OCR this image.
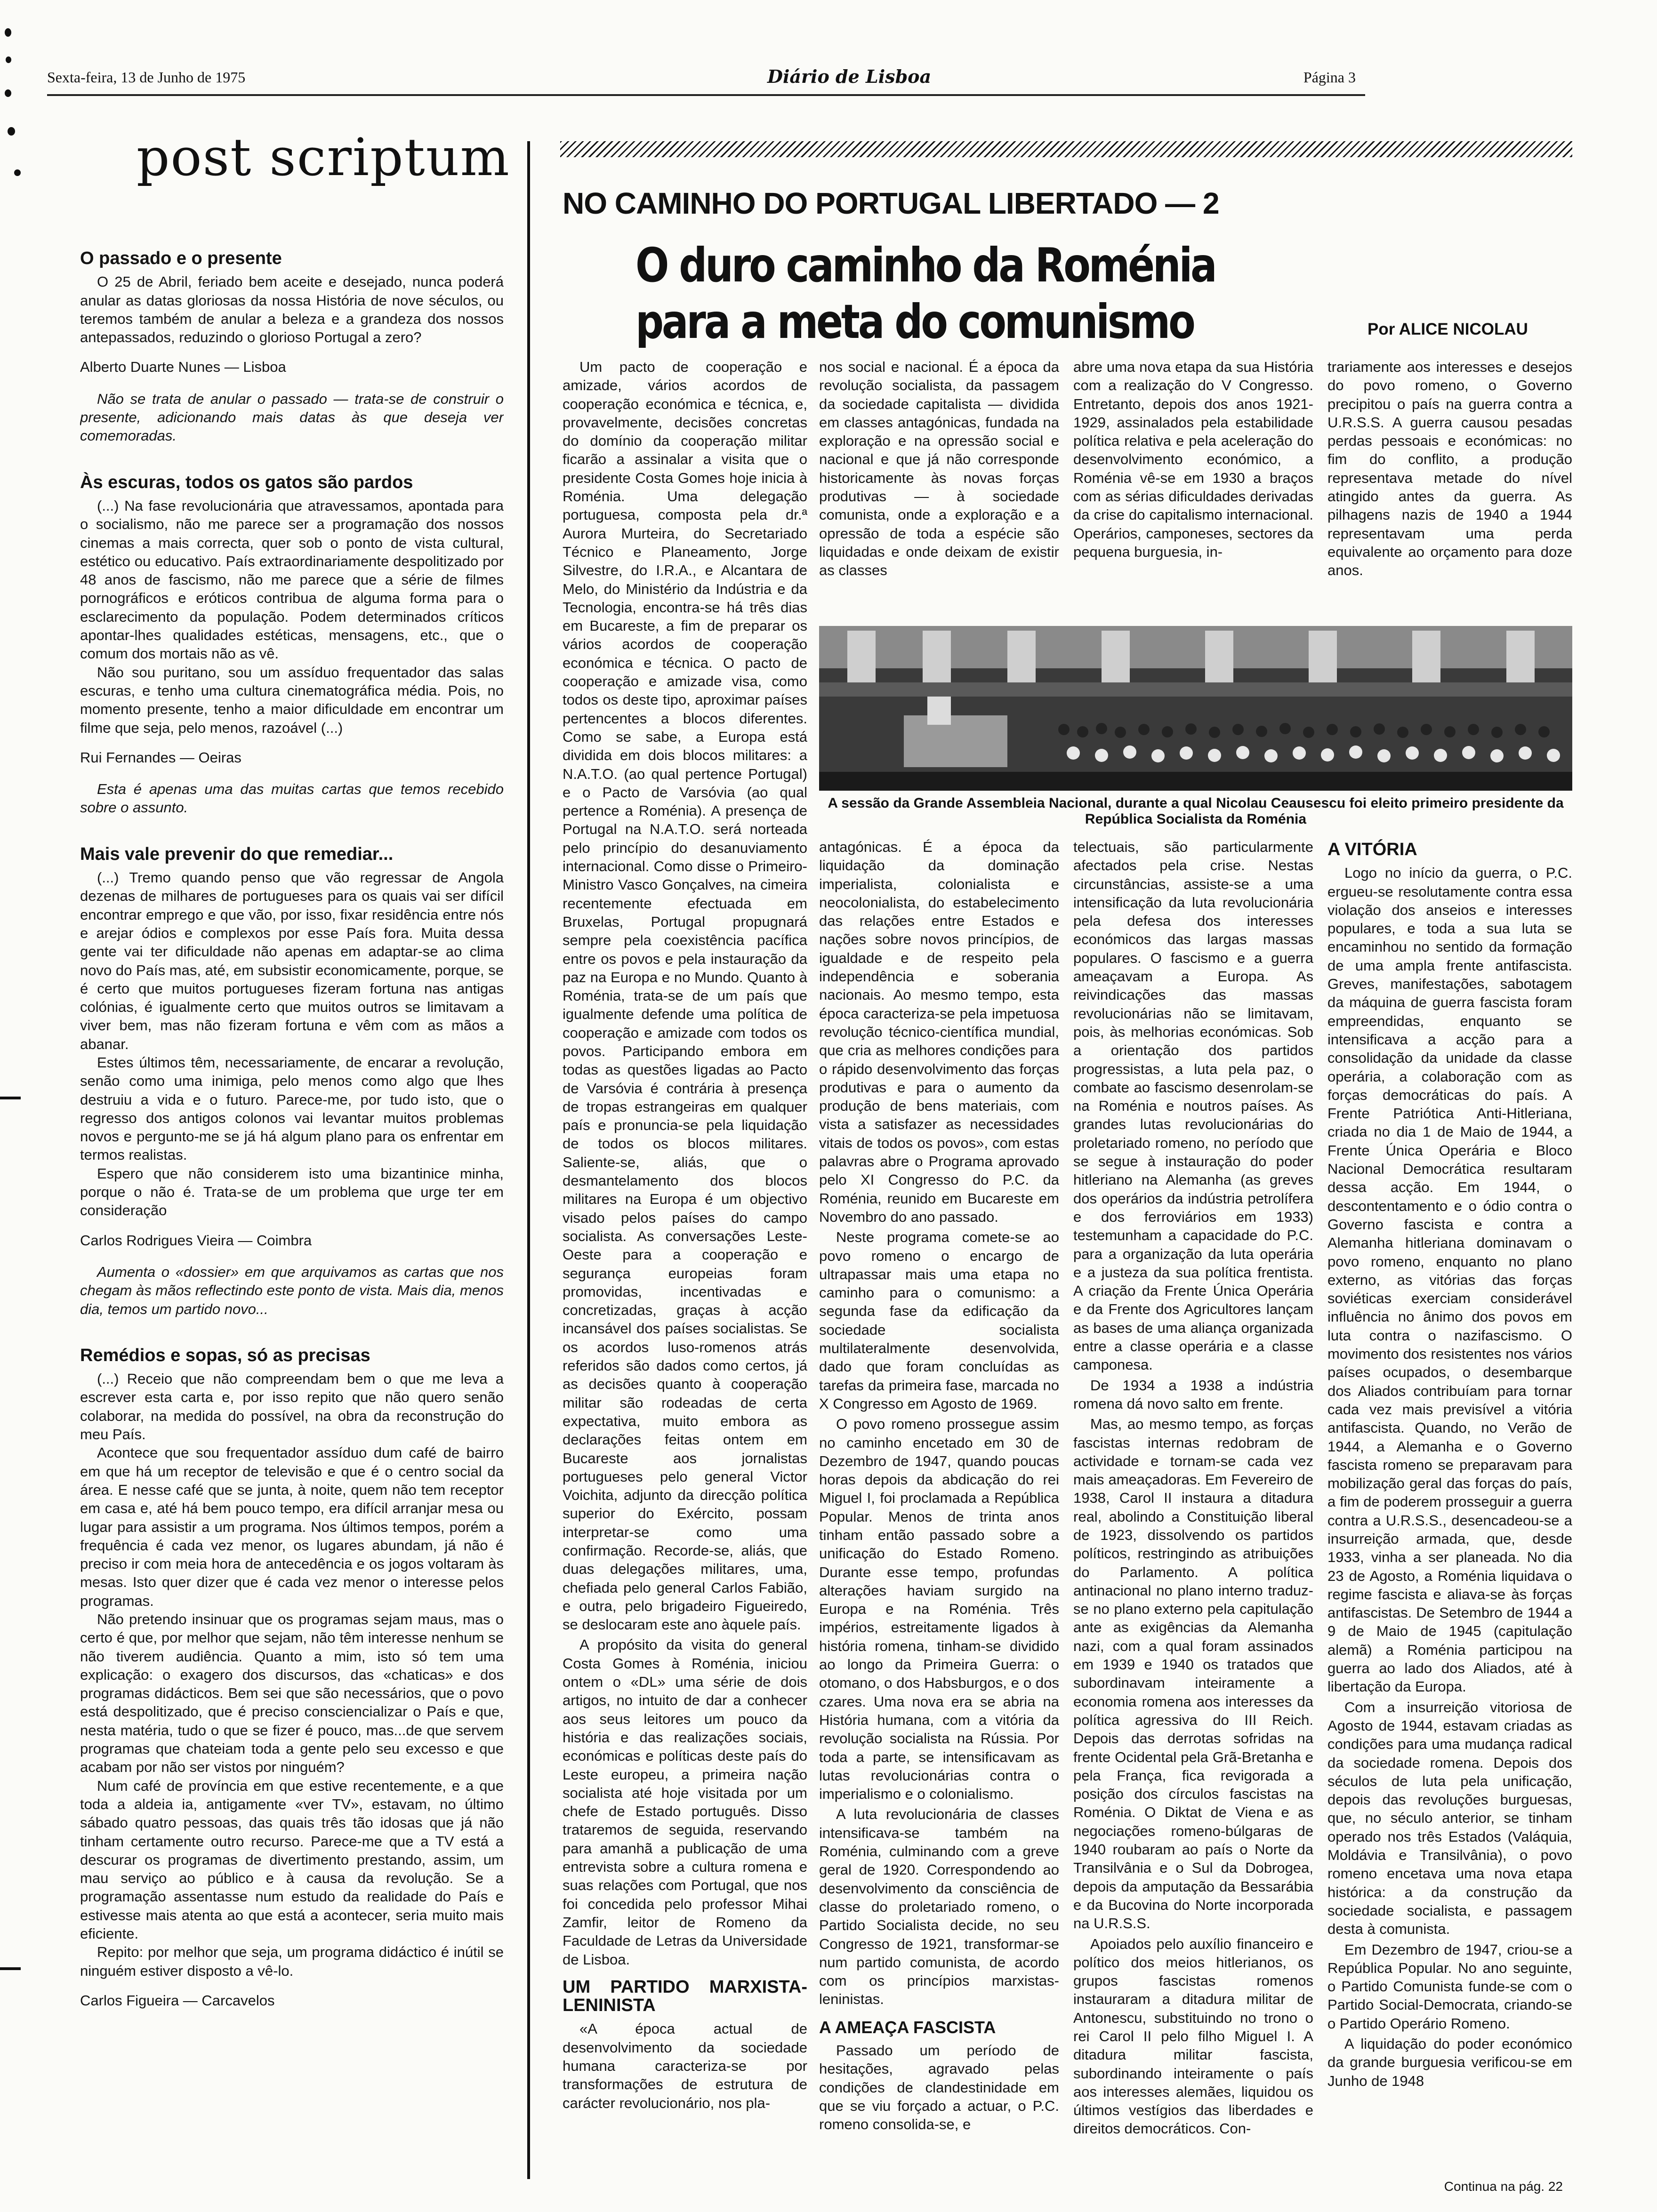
Sexta-feira, 13 de Junho de 1975	Diário de Lisboa	Página 3
post scriptum
O passado e o presente

O 25 de Abril, feriado bem aceite e desejado, nunca poderá anular as datas gloriosas da nossa História de nove séculos, ou teremos também de anular a beleza e a grandeza dos nossos antepassados, reduzindo o glorioso Portugal a zero?

Alberto Duarte Nunes — Lisboa

Não se trata de anular o passado — trata-se de construir o presente, adicionando mais datas às que deseja ver comemoradas.

Às escuras, todos os gatos são pardos

(...) Na fase revolucionária que atravessamos, apontada para o socialismo, não me parece ser a programação dos nossos cinemas a mais correcta, quer sob o ponto de vista cultural, estético ou educativo. País extraordinariamente despolitizado por 48 anos de fascismo, não me parece que a série de filmes pornográficos e eróticos contribua de alguma forma para o esclarecimento da população. Podem determinados críticos apontar-lhes qualidades estéticas, mensagens, etc., que o comum dos mortais não as vê.

Não sou puritano, sou um assíduo frequentador das salas escuras, e tenho uma cultura cinematográfica média. Pois, no momento presente, tenho a maior dificuldade em encontrar um filme que seja, pelo menos, razoável (...)

Rui Fernandes — Oeiras

Esta é apenas uma das muitas cartas que temos recebido sobre o assunto.

Mais vale prevenir do que remediar...

(...) Tremo quando penso que vão regressar de Angola dezenas de milhares de portugueses para os quais vai ser difícil encontrar emprego e que vão, por isso, fixar residência entre nós e arejar ódios e complexos por esse País fora. Muita dessa gente vai ter dificuldade não apenas em adaptar-se ao clima novo do País mas, até, em subsistir economicamente, porque, se é certo que muitos portugueses fizeram fortuna nas antigas colónias, é igualmente certo que muitos outros se limitavam a viver bem, mas não fizeram fortuna e vêm com as mãos a abanar.

Estes últimos têm, necessariamente, de encarar a revolução, senão como uma inimiga, pelo menos como algo que lhes destruiu a vida e o futuro. Parece-me, por tudo isto, que o regresso dos antigos colonos vai levantar muitos problemas novos e pergunto-me se já há algum plano para os enfrentar em termos realistas.

Espero que não considerem isto uma bizantinice minha, porque o não é. Trata-se de um problema que urge ter em consideração

Carlos Rodrigues Vieira — Coimbra

Aumenta o «dossier» em que arquivamos as cartas que nos chegam às mãos reflectindo este ponto de vista. Mais dia, menos dia, temos um partido novo...

Remédios e sopas, só as precisas

(...) Receio que não compreendam bem o que me leva a escrever esta carta e, por isso repito que não quero senão colaborar, na medida do possível, na obra da reconstrução do meu País.

Acontece que sou frequentador assíduo dum café de bairro em que há um receptor de televisão e que é o centro social da área. E nesse café que se junta, à noite, quem não tem receptor em casa e, até há bem pouco tempo, era difícil arranjar mesa ou lugar para assistir a um programa. Nos últimos tempos, porém a frequência é cada vez menor, os lugares abundam, já não é preciso ir com meia hora de antecedência e os jogos voltaram às mesas. Isto quer dizer que é cada vez menor o interesse pelos programas.

Não pretendo insinuar que os programas sejam maus, mas o certo é que, por melhor que sejam, não têm interesse nenhum se não tiverem audiência. Quanto a mim, isto só tem uma explicação: o exagero dos discursos, das «chaticas» e dos programas didácticos. Bem sei que são necessários, que o povo está despolitizado, que é preciso consciencializar o País e que, nesta matéria, tudo o que se fizer é pouco, mas...de que servem programas que chateiam toda a gente pelo seu excesso e que acabam por não ser vistos por ninguém?

Num café de província em que estive recentemente, e a que toda a aldeia ia, antigamente «ver TV», estavam, no último sábado quatro pessoas, das quais três tão idosas que já não tinham certamente outro recurso. Parece-me que a TV está a descurar os programas de divertimento prestando, assim, um mau serviço ao público e à causa da revolução. Se a programação assentasse num estudo da realidade do País e estivesse mais atenta ao que está a acontecer, seria muito mais eficiente.

Repito: por melhor que seja, um programa didáctico é inútil se ninguém estiver disposto a vê-lo.

Carlos Figueira — Carcavelos

NO CAMINHO DO PORTUGAL LIBERTADO — 2
O duro caminho da Roménia
para a meta do comunismo	Por ALICE NICOLAU

Um pacto de cooperação e amizade, vários acordos de cooperação económica e técnica, e, provavelmente, decisões concretas do domínio da cooperação militar ficarão a assinalar a visita que o presidente Costa Gomes hoje inicia à Roménia. Uma delegação portuguesa, composta pela dr.ª Aurora Murteira, do Secretariado Técnico e Planeamento, Jorge Silvestre, do I.R.A., e Alcantara de Melo, do Ministério da Indústria e da Tecnologia, encontra-se há três dias em Bucareste, a fim de preparar os vários acordos de cooperação económica e técnica. O pacto de cooperação e amizade visa, como todos os deste tipo, aproximar países pertencentes a blocos diferentes. Como se sabe, a Europa está dividida em dois blocos militares: a N.A.T.O. (ao qual pertence Portugal) e o Pacto de Varsóvia (ao qual pertence a Roménia). A presença de Portugal na N.A.T.O. será norteada pelo princípio do desanuviamento internacional. Como disse o Primeiro-Ministro Vasco Gonçalves, na cimeira recentemente efectuada em Bruxelas, Portugal propugnará sempre pela coexistência pacífica entre os povos e pela instauração da paz na Europa e no Mundo. Quanto à Roménia, trata-se de um país que igualmente defende uma política de cooperação e amizade com todos os povos. Participando embora em todas as questões ligadas ao Pacto de Varsóvia é contrária à presença de tropas estrangeiras em qualquer país e pronuncia-se pela liquidação de todos os blocos militares. Saliente-se, aliás, que o desmantelamento dos blocos militares na Europa é um objectivo visado pelos países do campo socialista. As conversações Leste-Oeste para a cooperação e segurança europeias foram promovidas, incentivadas e concretizadas, graças à acção incansável dos países socialistas. Se os acordos luso-romenos atrás referidos são dados como certos, já as decisões quanto à cooperação militar são rodeadas de certa expectativa, muito embora as declarações feitas ontem em Bucareste aos jornalistas portugueses pelo general Victor Voichita, adjunto da direcção política superior do Exército, possam interpretar-se como uma confirmação. Recorde-se, aliás, que duas delegações militares, uma, chefiada pelo general Carlos Fabião, e outra, pelo brigadeiro Figueiredo, se deslocaram este ano àquele país.

A propósito da visita do general Costa Gomes à Roménia, iniciou ontem o «DL» uma série de dois artigos, no intuito de dar a conhecer aos seus leitores um pouco da história e das realizações sociais, económicas e políticas deste país do Leste europeu, a primeira nação socialista até hoje visitada por um chefe de Estado português. Disso trataremos de seguida, reservando para amanhã a publicação de uma entrevista sobre a cultura romena e suas relações com Portugal, que nos foi concedida pelo professor Mihai Zamfir, leitor de Romeno da Faculdade de Letras da Universidade de Lisboa.

UM PARTIDO MARXISTA-LENINISTA

«A época actual de desenvolvimento da sociedade humana caracteriza-se por transformações de estrutura de carácter revolucionário, nos pla-

nos social e nacional. É a época da revolução socialista, da passagem da sociedade capitalista — dividida em classes antagónicas, fundada na exploração e na opressão social e nacional e que já não corresponde historicamente às novas forças produtivas — à sociedade comunista, onde a exploração e a opressão de toda a espécie são liquidadas e onde deixam de existir as classes

abre uma nova etapa da sua História com a realização do V Congresso. Entretanto, depois dos anos 1921-1929, assinalados pela estabilidade política relativa e pela aceleração do desenvolvimento económico, a Roménia vê-se em 1930 a braços com as sérias dificuldades derivadas da crise do capitalismo internacional. Operários, camponeses, sectores da pequena burguesia, in-

trariamente aos interesses e desejos do povo romeno, o Governo precipitou o país na guerra contra a U.R.S.S. A guerra causou pesadas perdas pessoais e económicas: no fim do conflito, a produção representava metade do nível atingido antes da guerra. As pilhagens nazis de 1940 a 1944 representavam uma perda equivalente ao orçamento para doze anos.

A sessão da Grande Assembleia Nacional, durante a qual Nicolau Ceausescu foi eleito primeiro presidente da República Socialista da Roménia

antagónicas. É a época da liquidação da dominação imperialista, colonialista e neocolonialista, do estabelecimento das relações entre Estados e nações sobre novos princípios, de igualdade e de respeito pela independência e soberania nacionais. Ao mesmo tempo, esta época caracteriza-se pela impetuosa revolução técnico-científica mundial, que cria as melhores condições para o rápido desenvolvimento das forças produtivas e para o aumento da produção de bens materiais, com vista a satisfazer as necessidades vitais de todos os povos», com estas palavras abre o Programa aprovado pelo XI Congresso do P.C. da Roménia, reunido em Bucareste em Novembro do ano passado.

Neste programa comete-se ao povo romeno o encargo de ultrapassar mais uma etapa no caminho para o comunismo: a segunda fase da edificação da sociedade socialista multilateralmente desenvolvida, dado que foram concluídas as tarefas da primeira fase, marcada no X Congresso em Agosto de 1969.

O povo romeno prossegue assim no caminho encetado em 30 de Dezembro de 1947, quando poucas horas depois da abdicação do rei Miguel I, foi proclamada a República Popular. Menos de trinta anos tinham então passado sobre a unificação do Estado Romeno. Durante esse tempo, profundas alterações haviam surgido na Europa e na Roménia. Três impérios, estreitamente ligados à história romena, tinham-se dividido ao longo da Primeira Guerra: o otomano, o dos Habsburgos, e o dos czares. Uma nova era se abria na História humana, com a vitória da revolução socialista na Rússia. Por toda a parte, se intensificavam as lutas revolucionárias contra o imperialismo e o colonialismo.

A luta revolucionária de classes intensificava-se também na Roménia, culminando com a greve geral de 1920. Correspondendo ao desenvolvimento da consciência de classe do proletariado romeno, o Partido Socialista decide, no seu Congresso de 1921, transformar-se num partido comunista, de acordo com os princípios marxistas-leninistas.

A AMEAÇA FASCISTA

Passado um período de hesitações, agravado pelas condições de clandestinidade em que se viu forçado a actuar, o P.C. romeno consolida-se, e

telectuais, são particularmente afectados pela crise. Nestas circunstâncias, assiste-se a uma intensificação da luta revolucionária pela defesa dos interesses económicos das largas massas populares. O fascismo e a guerra ameaçavam a Europa. As reivindicações das massas revolucionárias não se limitavam, pois, às melhorias económicas. Sob a orientação dos partidos progressistas, a luta pela paz, o combate ao fascismo desenrolam-se na Roménia e noutros países. As grandes lutas revolucionárias do proletariado romeno, no período que se segue à instauração do poder hitleriano na Alemanha (as greves dos operários da indústria petrolífera e dos ferroviários em 1933) testemunham a capacidade do P.C. para a organização da luta operária e a justeza da sua política frentista. A criação da Frente Única Operária e da Frente dos Agricultores lançam as bases de uma aliança organizada entre a classe operária e a classe camponesa.

De 1934 a 1938 a indústria romena dá novo salto em frente.

Mas, ao mesmo tempo, as forças fascistas internas redobram de actividade e tornam-se cada vez mais ameaçadoras. Em Fevereiro de 1938, Carol II instaura a ditadura real, abolindo a Constituição liberal de 1923, dissolvendo os partidos políticos, restringindo as atribuições do Parlamento. A política antinacional no plano interno traduz-se no plano externo pela capitulação ante as exigências da Alemanha nazi, com a qual foram assinados em 1939 e 1940 os tratados que subordinavam inteiramente a economia romena aos interesses da política agressiva do III Reich. Depois das derrotas sofridas na frente Ocidental pela Grã-Bretanha e pela França, fica revigorada a posição dos círculos fascistas na Roménia. O Diktat de Viena e as negociações romeno-búlgaras de 1940 roubaram ao país o Norte da Transilvânia e o Sul da Dobrogea, depois da amputação da Bessarábia e da Bucovina do Norte incorporada na U.R.S.S.

Apoiados pelo auxílio financeiro e político dos meios hitlerianos, os grupos fascistas romenos instauraram a ditadura militar de Antonescu, substituindo no trono o rei Carol II pelo filho Miguel I. A ditadura militar fascista, subordinando inteiramente o país aos interesses alemães, liquidou os últimos vestígios das liberdades e direitos democráticos. Con-

A VITÓRIA

Logo no início da guerra, o P.C. ergueu-se resolutamente contra essa violação dos anseios e interesses populares, e toda a sua luta se encaminhou no sentido da formação de uma ampla frente antifascista. Greves, manifestações, sabotagem da máquina de guerra fascista foram empreendidas, enquanto se intensificava a acção para a consolidação da unidade da classe operária, a colaboração com as forças democráticas do país. A Frente Patriótica Anti-Hitleriana, criada no dia 1 de Maio de 1944, a Frente Única Operária e Bloco Nacional Democrática resultaram dessa acção. Em 1944, o descontentamento e o ódio contra o Governo fascista e contra a Alemanha hitleriana dominavam o povo romeno, enquanto no plano externo, as vitórias das forças soviéticas exerciam considerável influência no ânimo dos povos em luta contra o nazifascismo. O movimento dos resistentes nos vários países ocupados, o desembarque dos Aliados contribuíam para tornar cada vez mais previsível a vitória antifascista. Quando, no Verão de 1944, a Alemanha e o Governo fascista romeno se preparavam para mobilização geral das forças do país, a fim de poderem prosseguir a guerra contra a U.R.S.S., desencadeou-se a insurreição armada, que, desde 1933, vinha a ser planeada. No dia 23 de Agosto, a Roménia liquidava o regime fascista e aliava-se às forças antifascistas. De Setembro de 1944 a 9 de Maio de 1945 (capitulação alemã) a Roménia participou na guerra ao lado dos Aliados, até à libertação da Europa.

Com a insurreição vitoriosa de Agosto de 1944, estavam criadas as condições para uma mudança radical da sociedade romena. Depois dos séculos de luta pela unificação, depois das revoluções burguesas, que, no século anterior, se tinham operado nos três Estados (Valáquia, Moldávia e Transilvânia), o povo romeno encetava uma nova etapa histórica: a da construção da sociedade socialista, e passagem desta à comunista.

Em Dezembro de 1947, criou-se a República Popular. No ano seguinte, o Partido Comunista funde-se com o Partido Social-Democrata, criando-se o Partido Operário Romeno.

A liquidação do poder económico da grande burguesia verificou-se em Junho de 1948

Continua na pág. 22
